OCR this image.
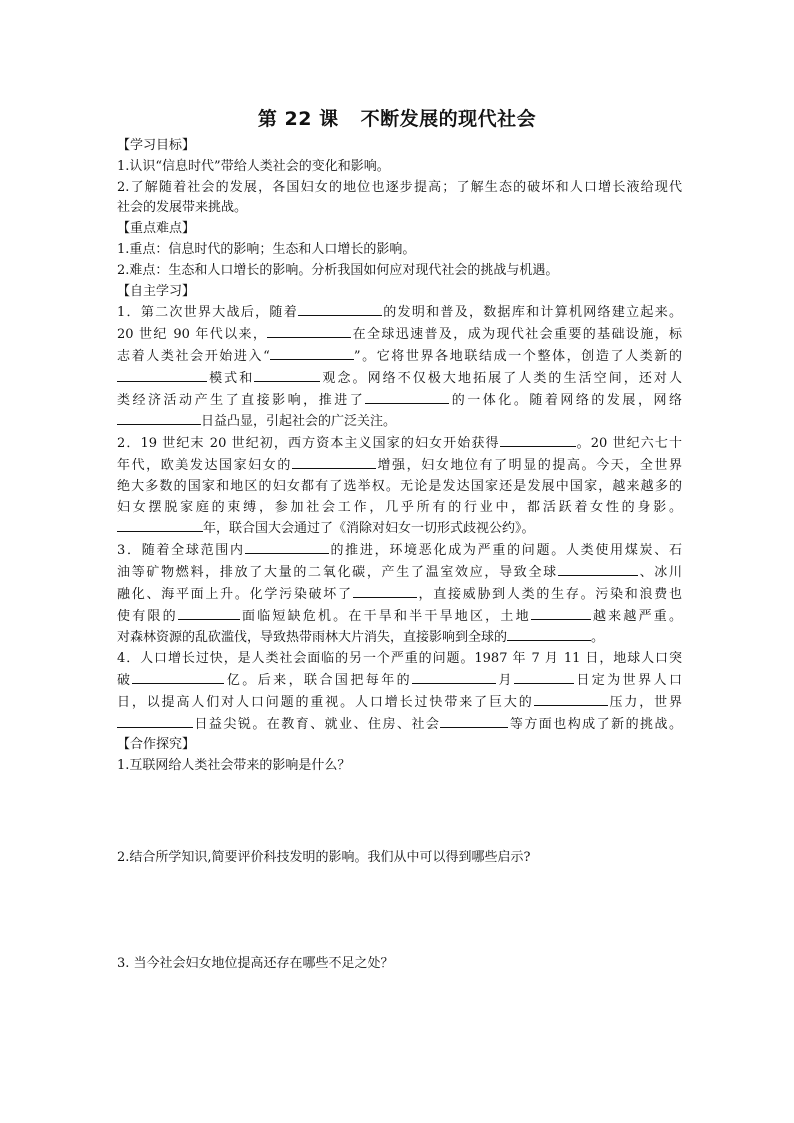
第 22 课 不断发展的现代社会
【学习目标】
1.认识“信息时代”带给人类社会的变化和影响。
2.了解随着社会的发展，各国妇女的地位也逐步提高；了解生态的破坏和人口增长液给现代
社会的发展带来挑战。
【重点难点】
1.重点：信息时代的影响；生态和人口增长的影响。
2.难点：生态和人口增长的影响。分析我国如何应对现代社会的挑战与机遇。
【自主学习】
1．第二次世界大战后，随着	的发明和普及，数据库和计算机网络建立起来。
20 世纪 90 年代以来，	在全球迅速普及，成为现代社会重要的基础设施，标
志着人类社会开始进入“	”。它将世界各地联结成一个整体，创造了人类新的
模式和	观念。网络不仅极大地拓展了人类的生活空间，还对人
类经济活动产生了直接影响，推进了	的一体化。随着网络的发展，网络
日益凸显，引起社会的广泛关注。
2．19 世纪末 20 世纪初，西方资本主义国家的妇女开始获得	。20 世纪六七十
年代，欧美发达国家妇女的	增强，妇女地位有了明显的提高。今天，全世界
绝大多数的国家和地区的妇女都有了选举权。无论是发达国家还是发展中国家，越来越多的
妇女摆脱家庭的束缚，参加社会工作，几乎所有的行业中，都活跃着女性的身影。
年，联合国大会通过了《消除对妇女一切形式歧视公约》。
3．随着全球范围内	的推进，环境恶化成为严重的问题。人类使用煤炭、石
油等矿物燃料，排放了大量的二氧化碳，产生了温室效应，导致全球	、冰川
融化、海平面上升。化学污染破坏了	，直接威胁到人类的生存。污染和浪费也
使有限的	面临短缺危机。在干旱和半干旱地区，土地	越来越严重。
对森林资源的乱砍滥伐，导致热带雨林大片消失，直接影响到全球的	。
4．人口增长过快，是人类社会面临的另一个严重的问题。1987 年 7 月 11 日，地球人口突
破	亿。后来，联合国把每年的	月	日定为世界人口
日，以提高人们对人口问题的重视。人口增长过快带来了巨大的	压力，世界
日益尖锐。在教育、就业、住房、社会	等方面也构成了新的挑战。
【合作探究】
1.互联网给人类社会带来的影响是什么？
2.结合所学知识,简要评价科技发明的影响。我们从中可以得到哪些启示?
3. 当今社会妇女地位提高还存在哪些不足之处？
